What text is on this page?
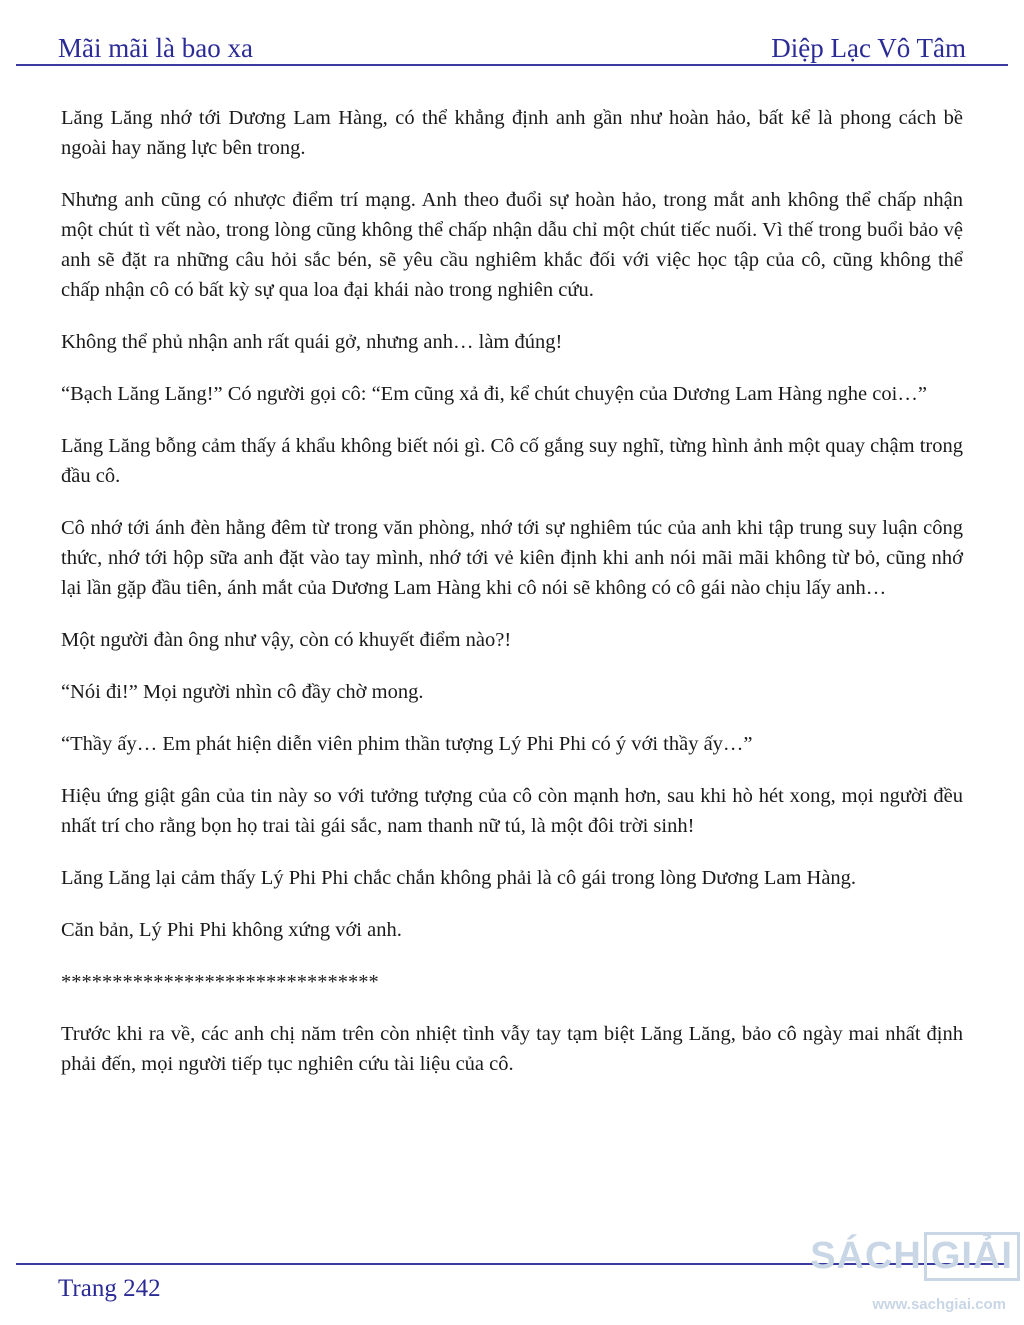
Mãi mãi là bao xa	Diệp Lạc Vô Tâm

Lăng Lăng nhớ tới Dương Lam Hàng, có thể khẳng định anh gần như hoàn hảo, bất kể là phong cách bề ngoài hay năng lực bên trong.

Nhưng anh cũng có nhược điểm trí mạng. Anh theo đuổi sự hoàn hảo, trong mắt anh không thể chấp nhận một chút tì vết nào, trong lòng cũng không thể chấp nhận dẫu chỉ một chút tiếc nuối. Vì thế trong buổi bảo vệ anh sẽ đặt ra những câu hỏi sắc bén, sẽ yêu cầu nghiêm khắc đối với việc học tập của cô, cũng không thể chấp nhận cô có bất kỳ sự qua loa đại khái nào trong nghiên cứu.

Không thể phủ nhận anh rất quái gở, nhưng anh… làm đúng!

“Bạch Lăng Lăng!” Có người gọi cô: “Em cũng xả đi, kể chút chuyện của Dương Lam Hàng nghe coi…”

Lăng Lăng bỗng cảm thấy á khẩu không biết nói gì. Cô cố gắng suy nghĩ, từng hình ảnh một quay chậm trong đầu cô.

Cô nhớ tới ánh đèn hằng đêm từ trong văn phòng, nhớ tới sự nghiêm túc của anh khi tập trung suy luận công thức, nhớ tới hộp sữa anh đặt vào tay mình, nhớ tới vẻ kiên định khi anh nói mãi mãi không từ bỏ, cũng nhớ lại lần gặp đầu tiên, ánh mắt của Dương Lam Hàng khi cô nói sẽ không có cô gái nào chịu lấy anh…

Một người đàn ông như vậy, còn có khuyết điểm nào?!

“Nói đi!” Mọi người nhìn cô đầy chờ mong.

“Thầy ấy… Em phát hiện diễn viên phim thần tượng Lý Phi Phi có ý với thầy ấy…”

Hiệu ứng giật gân của tin này so với tưởng tượng của cô còn mạnh hơn, sau khi hò hét xong, mọi người đều nhất trí cho rằng bọn họ trai tài gái sắc, nam thanh nữ tú, là một đôi trời sinh!

Lăng Lăng lại cảm thấy Lý Phi Phi chắc chắn không phải là cô gái trong lòng Dương Lam Hàng.

Căn bản, Lý Phi Phi không xứng với anh.

*******************************

Trước khi ra về, các anh chị năm trên còn nhiệt tình vẫy tay tạm biệt Lăng Lăng, bảo cô ngày mai nhất định phải đến, mọi người tiếp tục nghiên cứu tài liệu của cô.

Trang 242
SÁCH GIẢI
www.sachgiai.com
